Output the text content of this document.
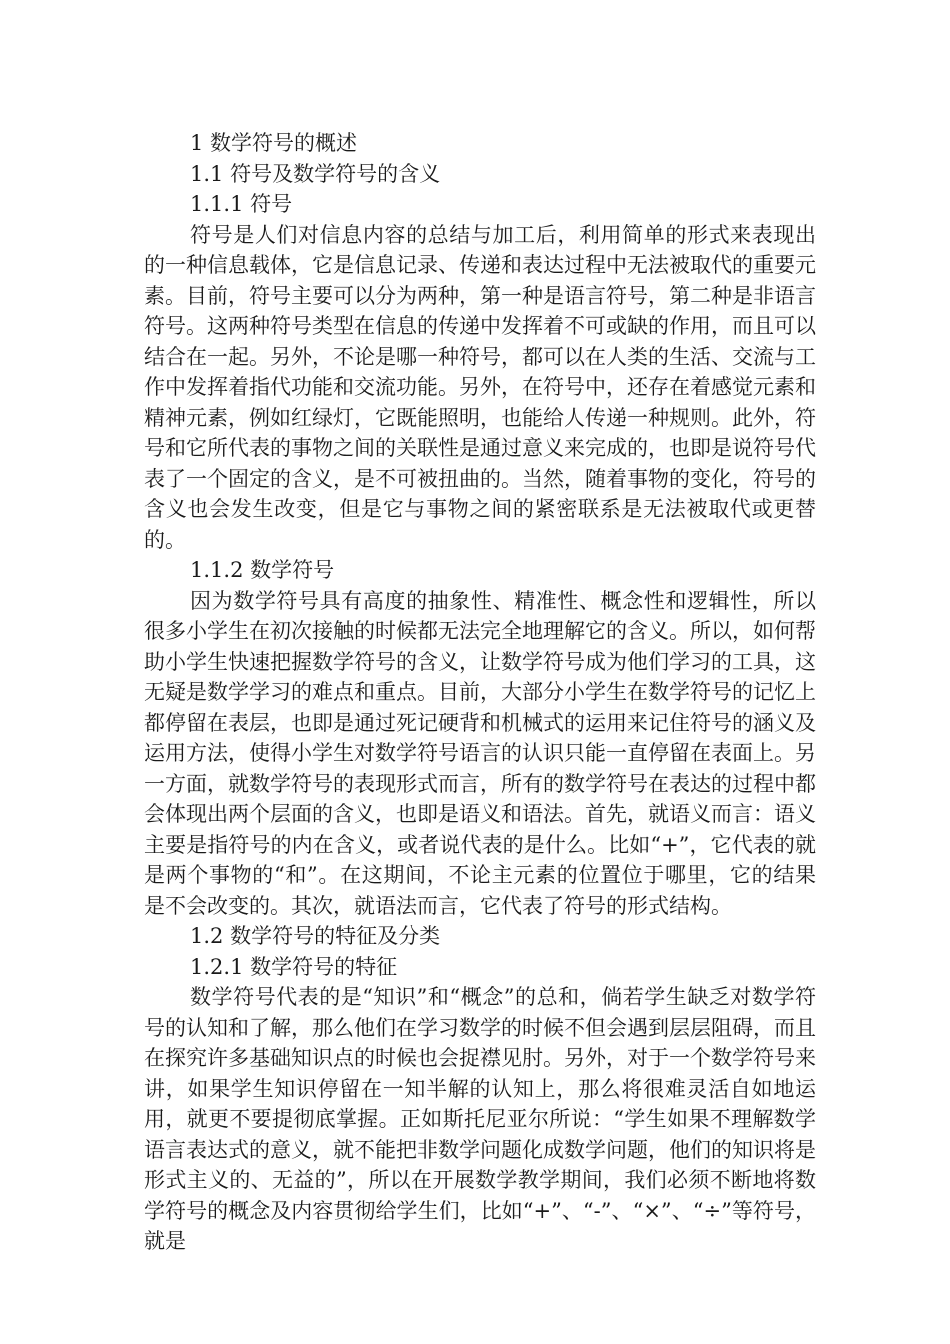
1 数学符号的概述
1.1 符号及数学符号的含义
1.1.1 符号

符号是人们对信息内容的总结与加工后，利用简单的形式来表现出的一种信息载体，它是信息记录、传递和表达过程中无法被取代的重要元素。目前，符号主要可以分为两种，第一种是语言符号，第二种是非语言符号。这两种符号类型在信息的传递中发挥着不可或缺的作用，而且可以结合在一起。另外，不论是哪一种符号，都可以在人类的生活、交流与工作中发挥着指代功能和交流功能。另外，在符号中，还存在着感觉元素和精神元素，例如红绿灯，它既能照明，也能给人传递一种规则。此外，符号和它所代表的事物之间的关联性是通过意义来完成的，也即是说符号代表了一个固定的含义，是不可被扭曲的。当然，随着事物的变化，符号的含义也会发生改变，但是它与事物之间的紧密联系是无法被取代或更替的。

1.1.2 数学符号

因为数学符号具有高度的抽象性、精准性、概念性和逻辑性，所以很多小学生在初次接触的时候都无法完全地理解它的含义。所以，如何帮助小学生快速把握数学符号的含义，让数学符号成为他们学习的工具，这无疑是数学学习的难点和重点。目前，大部分小学生在数学符号的记忆上都停留在表层，也即是通过死记硬背和机械式的运用来记住符号的涵义及运用方法，使得小学生对数学符号语言的认识只能一直停留在表面上。另一方面，就数学符号的表现形式而言，所有的数学符号在表达的过程中都会体现出两个层面的含义，也即是语义和语法。首先，就语义而言：语义主要是指符号的内在含义，或者说代表的是什么。比如“+”，它代表的就是两个事物的“和”。在这期间，不论主元素的位置位于哪里，它的结果是不会改变的。其次，就语法而言，它代表了符号的形式结构。

1.2 数学符号的特征及分类
1.2.1 数学符号的特征

数学符号代表的是“知识”和“概念”的总和，倘若学生缺乏对数学符号的认知和了解，那么他们在学习数学的时候不但会遇到层层阻碍，而且在探究许多基础知识点的时候也会捉襟见肘。另外，对于一个数学符号来讲，如果学生知识停留在一知半解的认知上，那么将很难灵活自如地运用，就更不要提彻底掌握。正如斯托尼亚尔所说：“学生如果不理解数学语言表达式的意义，就不能把非数学问题化成数学问题，他们的知识将是形式主义的、无益的”，所以在开展数学教学期间，我们必须不断地将数学符号的概念及内容贯彻给学生们，比如“+”、“-”、“×”、“÷”等符号，就是
